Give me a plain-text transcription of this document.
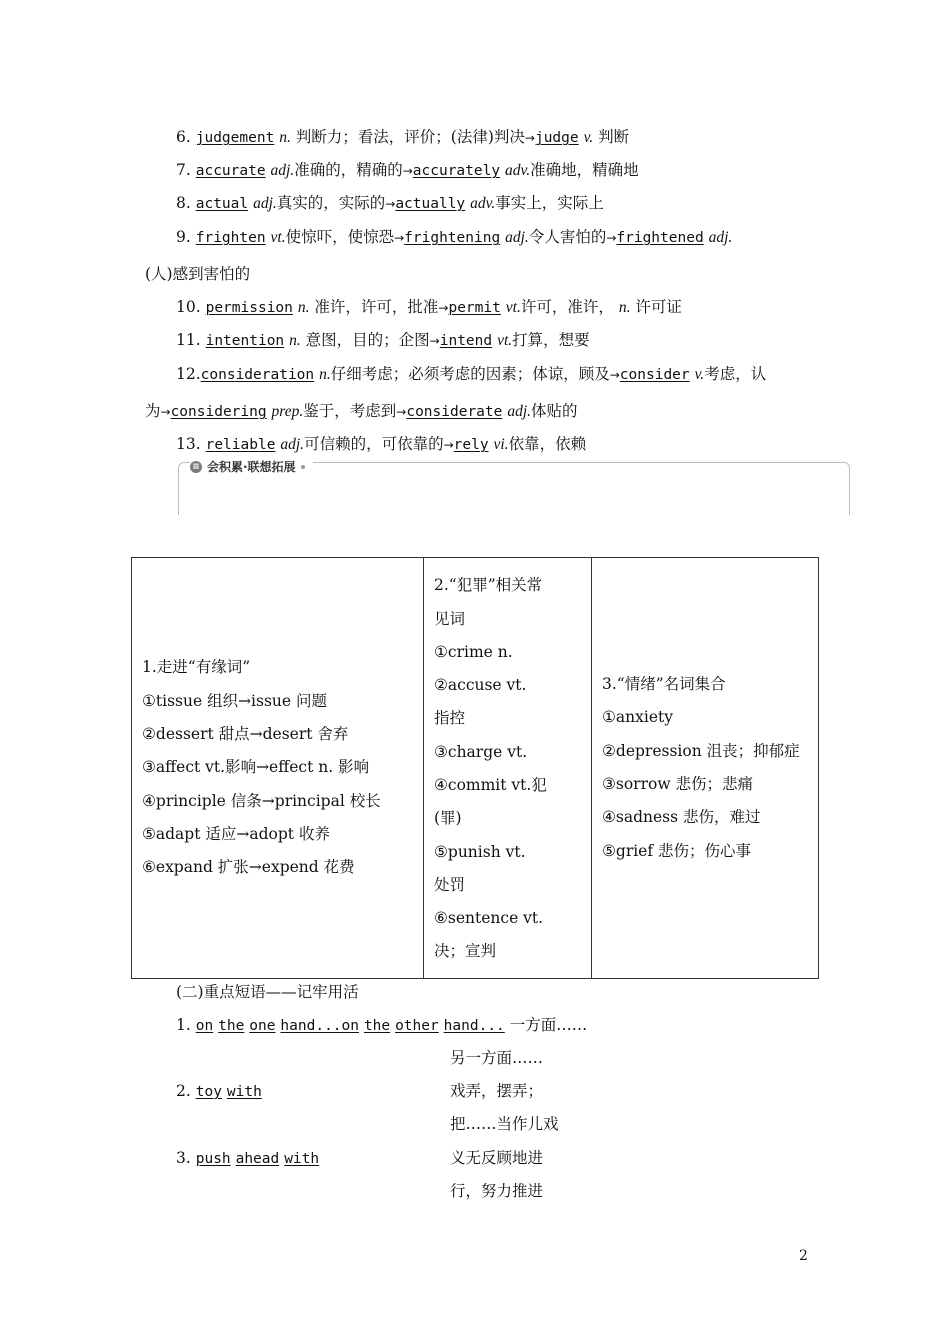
6. judgement n. 判断力；看法，评价；(法律)判决→judge v. 判断
7. accurate adj.准确的，精确的→accurately adv.准确地，精确地
8. actual adj.真实的，实际的→actually adv.事实上，实际上
9. frighten vt.使惊吓，使惊恐→frightening adj.令人害怕的→frightened adj.
(人)感到害怕的
10. permission n. 准许，许可，批准→permit vt.许可，准许， n. 许可证
11. intention n. 意图，目的；企图→intend vt.打算，想要
12.consideration n.仔细考虑；必须考虑的因素；体谅，顾及→consider v.考虑，认
为→considering prep.鉴于，考虑到→considerate adj.体贴的
13. reliable adj.可信赖的，可依靠的→rely vi.依靠，依赖
≡ 会积累·联想拓展
1.走进“有缘词”
①tissue 组织→issue 问题
②dessert 甜点→desert 舍弃
③affect vt.影响→effect n. 影响
④principle 信条→principal 校长
⑤adapt 适应→adopt 收养
⑥expand 扩张→expend 花费

2.“犯罪”相关常
见词
①crime n.
②accuse vt.
指控
③charge vt.
④commit vt.犯
(罪)
⑤punish vt.
处罚
⑥sentence vt.
决；宣判

3.“情绪”名词集合
①anxiety
②depression 沮丧；抑郁症
③sorrow 悲伤；悲痛
④sadness 悲伤，难过
⑤grief 悲伤；伤心事
(二)重点短语——记牢用活
1. on the one hand...on the other hand... 一方面……
另一方面……
2. toy with	戏弄，摆弄；
把……当作儿戏
3. push ahead with	义无反顾地进
行，努力推进
2
